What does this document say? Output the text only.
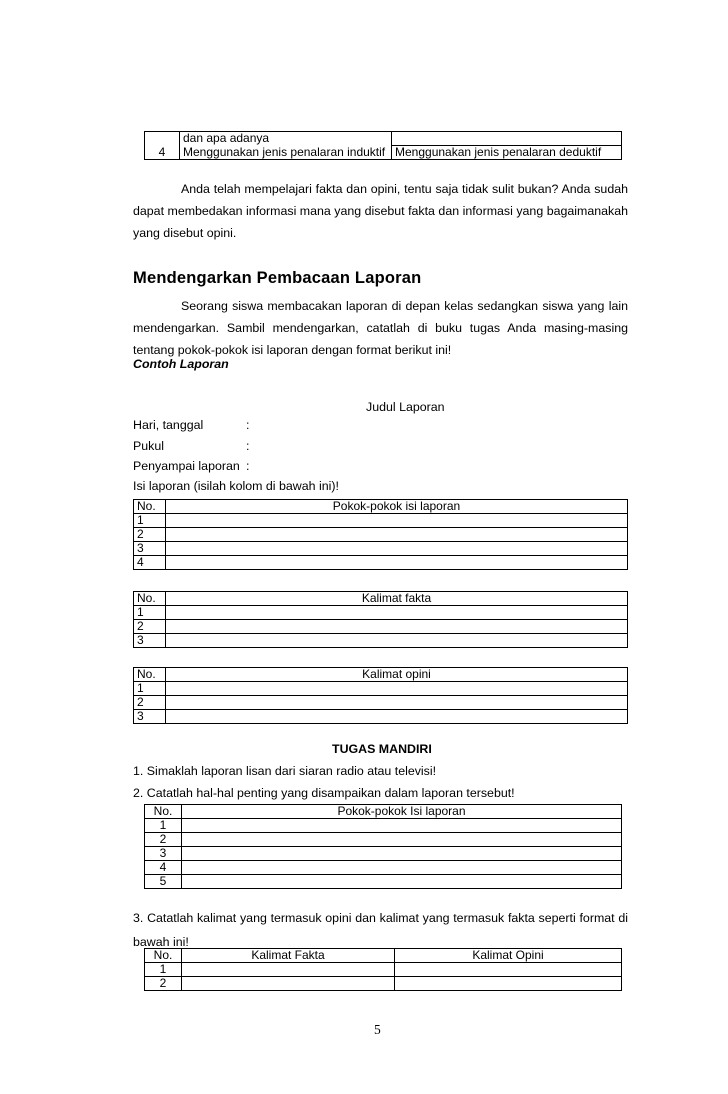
	dan apa adanya	
4	Menggunakan jenis penalaran induktif	Menggunakan jenis penalaran deduktif
Anda telah mempelajari fakta dan opini, tentu saja tidak sulit bukan? Anda sudah dapat membedakan informasi mana yang disebut fakta dan informasi yang bagaimanakah yang disebut opini.
Mendengarkan Pembacaan Laporan
Seorang siswa membacakan laporan di depan kelas sedangkan siswa yang lain mendengarkan. Sambil mendengarkan, catatlah di buku tugas Anda masing-masing tentang pokok-pokok isi laporan dengan format berikut ini!
Contoh Laporan
Judul Laporan
Hari, tanggal	:
Pukul	:
Penyampai laporan :
Isi laporan (isilah kolom di bawah ini)!
No.	Pokok-pokok isi laporan
1	
2	
3	
4	
No.	Kalimat fakta
1	
2	
3	
No.	Kalimat opini
1	
2	
3	
TUGAS MANDIRI
1. Simaklah laporan lisan dari siaran radio atau televisi!
2. Catatlah hal-hal penting yang disampaikan dalam laporan tersebut!
No.	Pokok-pokok Isi laporan
1	
2	
3	
4	
5	
3. Catatlah kalimat yang termasuk opini dan kalimat yang termasuk fakta seperti format di bawah ini!
No.	Kalimat Fakta	Kalimat Opini
1		
2		
5
